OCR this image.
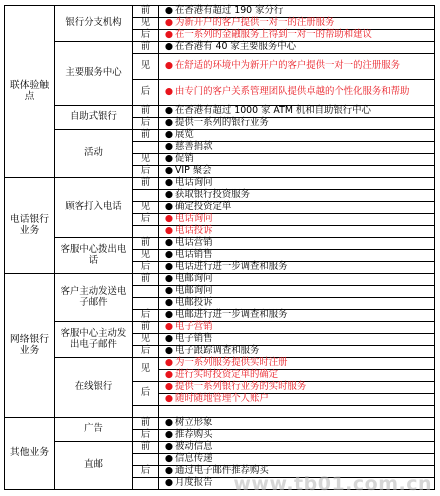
联体验触点	银行分支机构	前	● 在香港有超过 190 家分行
		见	● 为新开户的客户提供一对一的注册服务
		后	● 在一系列的金融服务上得到一对一的帮助和建议
	主要服务中心	前	● 在香港有 40 家主要服务中心
		见	● 在舒适的环境中为新开户的客户提供一对一的注册服务
		后	● 由专门的客户关系管理团队提供卓越的个性化服务和帮助
	自助式银行	前	● 在香港有超过 1000 家 ATM 机和自助银行中心
		后	● 提供一系列的银行业务
	活动	前	● 展览
			● 慈善捐款
		见	● 促销
		后	● VIP 聚会
电话银行业务	顾客打入电话	前	● 电话询问
			● 获取银行投资服务
		见	● 确定投资定单
		后	● 电话询问
			● 电话投诉
	客服中心拨出电话	前	● 电话营销
		见	● 电话销售
		后	● 电话进行进一步调查和服务
网络银行业务	客户主动发送电子邮件	前	● 电邮询问
			● 电邮询问
			● 电邮投诉
		后	● 电邮进行进一步调查和服务
	客服中心主动发出电子邮件	前	● 电子营销
		见	● 电子销售
		后	● 电子跟踪调查和服务
	在线银行	见	● 为一系列服务提供实时注册
			● 进行实时投资定单的确定
		后	● 提供一系列银行业务的实时服务
			● 随时随地管理个人账户

其他业务	广告	前	● 树立形象
		后	● 推荐购买
	直邮	前	● 被动信息
			● 信息传递
		后	● 通过电子邮件推荐购买
			● 月度报告 www.tb01.com.cn
